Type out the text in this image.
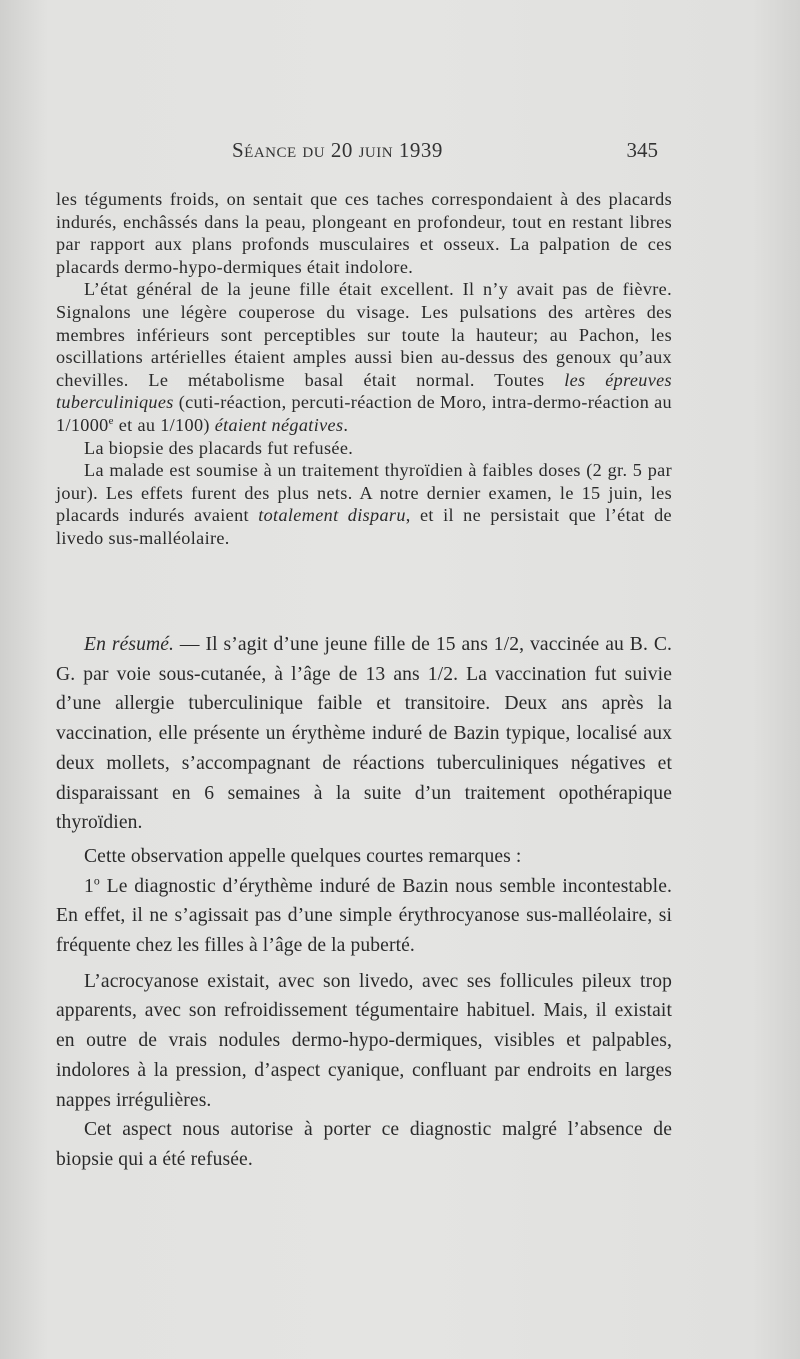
Séance du 20 juin 1939	345

les téguments froids, on sentait que ces taches correspondaient à des placards indurés, enchâssés dans la peau, plongeant en profondeur, tout en restant libres par rapport aux plans profonds musculaires et osseux. La palpation de ces placards dermo-hypo-dermiques était indolore.

L’état général de la jeune fille était excellent. Il n’y avait pas de fièvre. Signalons une légère couperose du visage. Les pulsations des artères des membres inférieurs sont perceptibles sur toute la hauteur; au Pachon, les oscillations artérielles étaient amples aussi bien au-dessus des genoux qu’aux chevilles. Le métabolisme basal était normal. Toutes les épreuves tuberculiniques (cuti-réaction, percuti-réaction de Moro, intra-dermo-réaction au 1/1000e et au 1/100) étaient négatives.

La biopsie des placards fut refusée.

La malade est soumise à un traitement thyroïdien à faibles doses (2 gr. 5 par jour). Les effets furent des plus nets. A notre dernier examen, le 15 juin, les placards indurés avaient totalement disparu, et il ne persistait que l’état de livedo sus-malléolaire.

En résumé. — Il s’agit d’une jeune fille de 15 ans 1/2, vaccinée au B. C. G. par voie sous-cutanée, à l’âge de 13 ans 1/2. La vaccination fut suivie d’une allergie tuberculinique faible et transitoire. Deux ans après la vaccination, elle présente un érythème induré de Bazin typique, localisé aux deux mollets, s’accompagnant de réactions tuberculiniques négatives et disparaissant en 6 semaines à la suite d’un traitement opothérapique thyroïdien.

Cette observation appelle quelques courtes remarques :

1$^o$ Le diagnostic d’érythème induré de Bazin nous semble incontestable. En effet, il ne s’agissait pas d’une simple érythrocyanose sus-malléolaire, si fréquente chez les filles à l’âge de la puberté.

L’acrocyanose existait, avec son livedo, avec ses follicules pileux trop apparents, avec son refroidissement tégumentaire habituel. Mais, il existait en outre de vrais nodules dermo-hypo-dermiques, visibles et palpables, indolores à la pression, d’aspect cyanique, confluant par endroits en larges nappes irrégulières.

Cet aspect nous autorise à porter ce diagnostic malgré l’absence de biopsie qui a été refusée.
